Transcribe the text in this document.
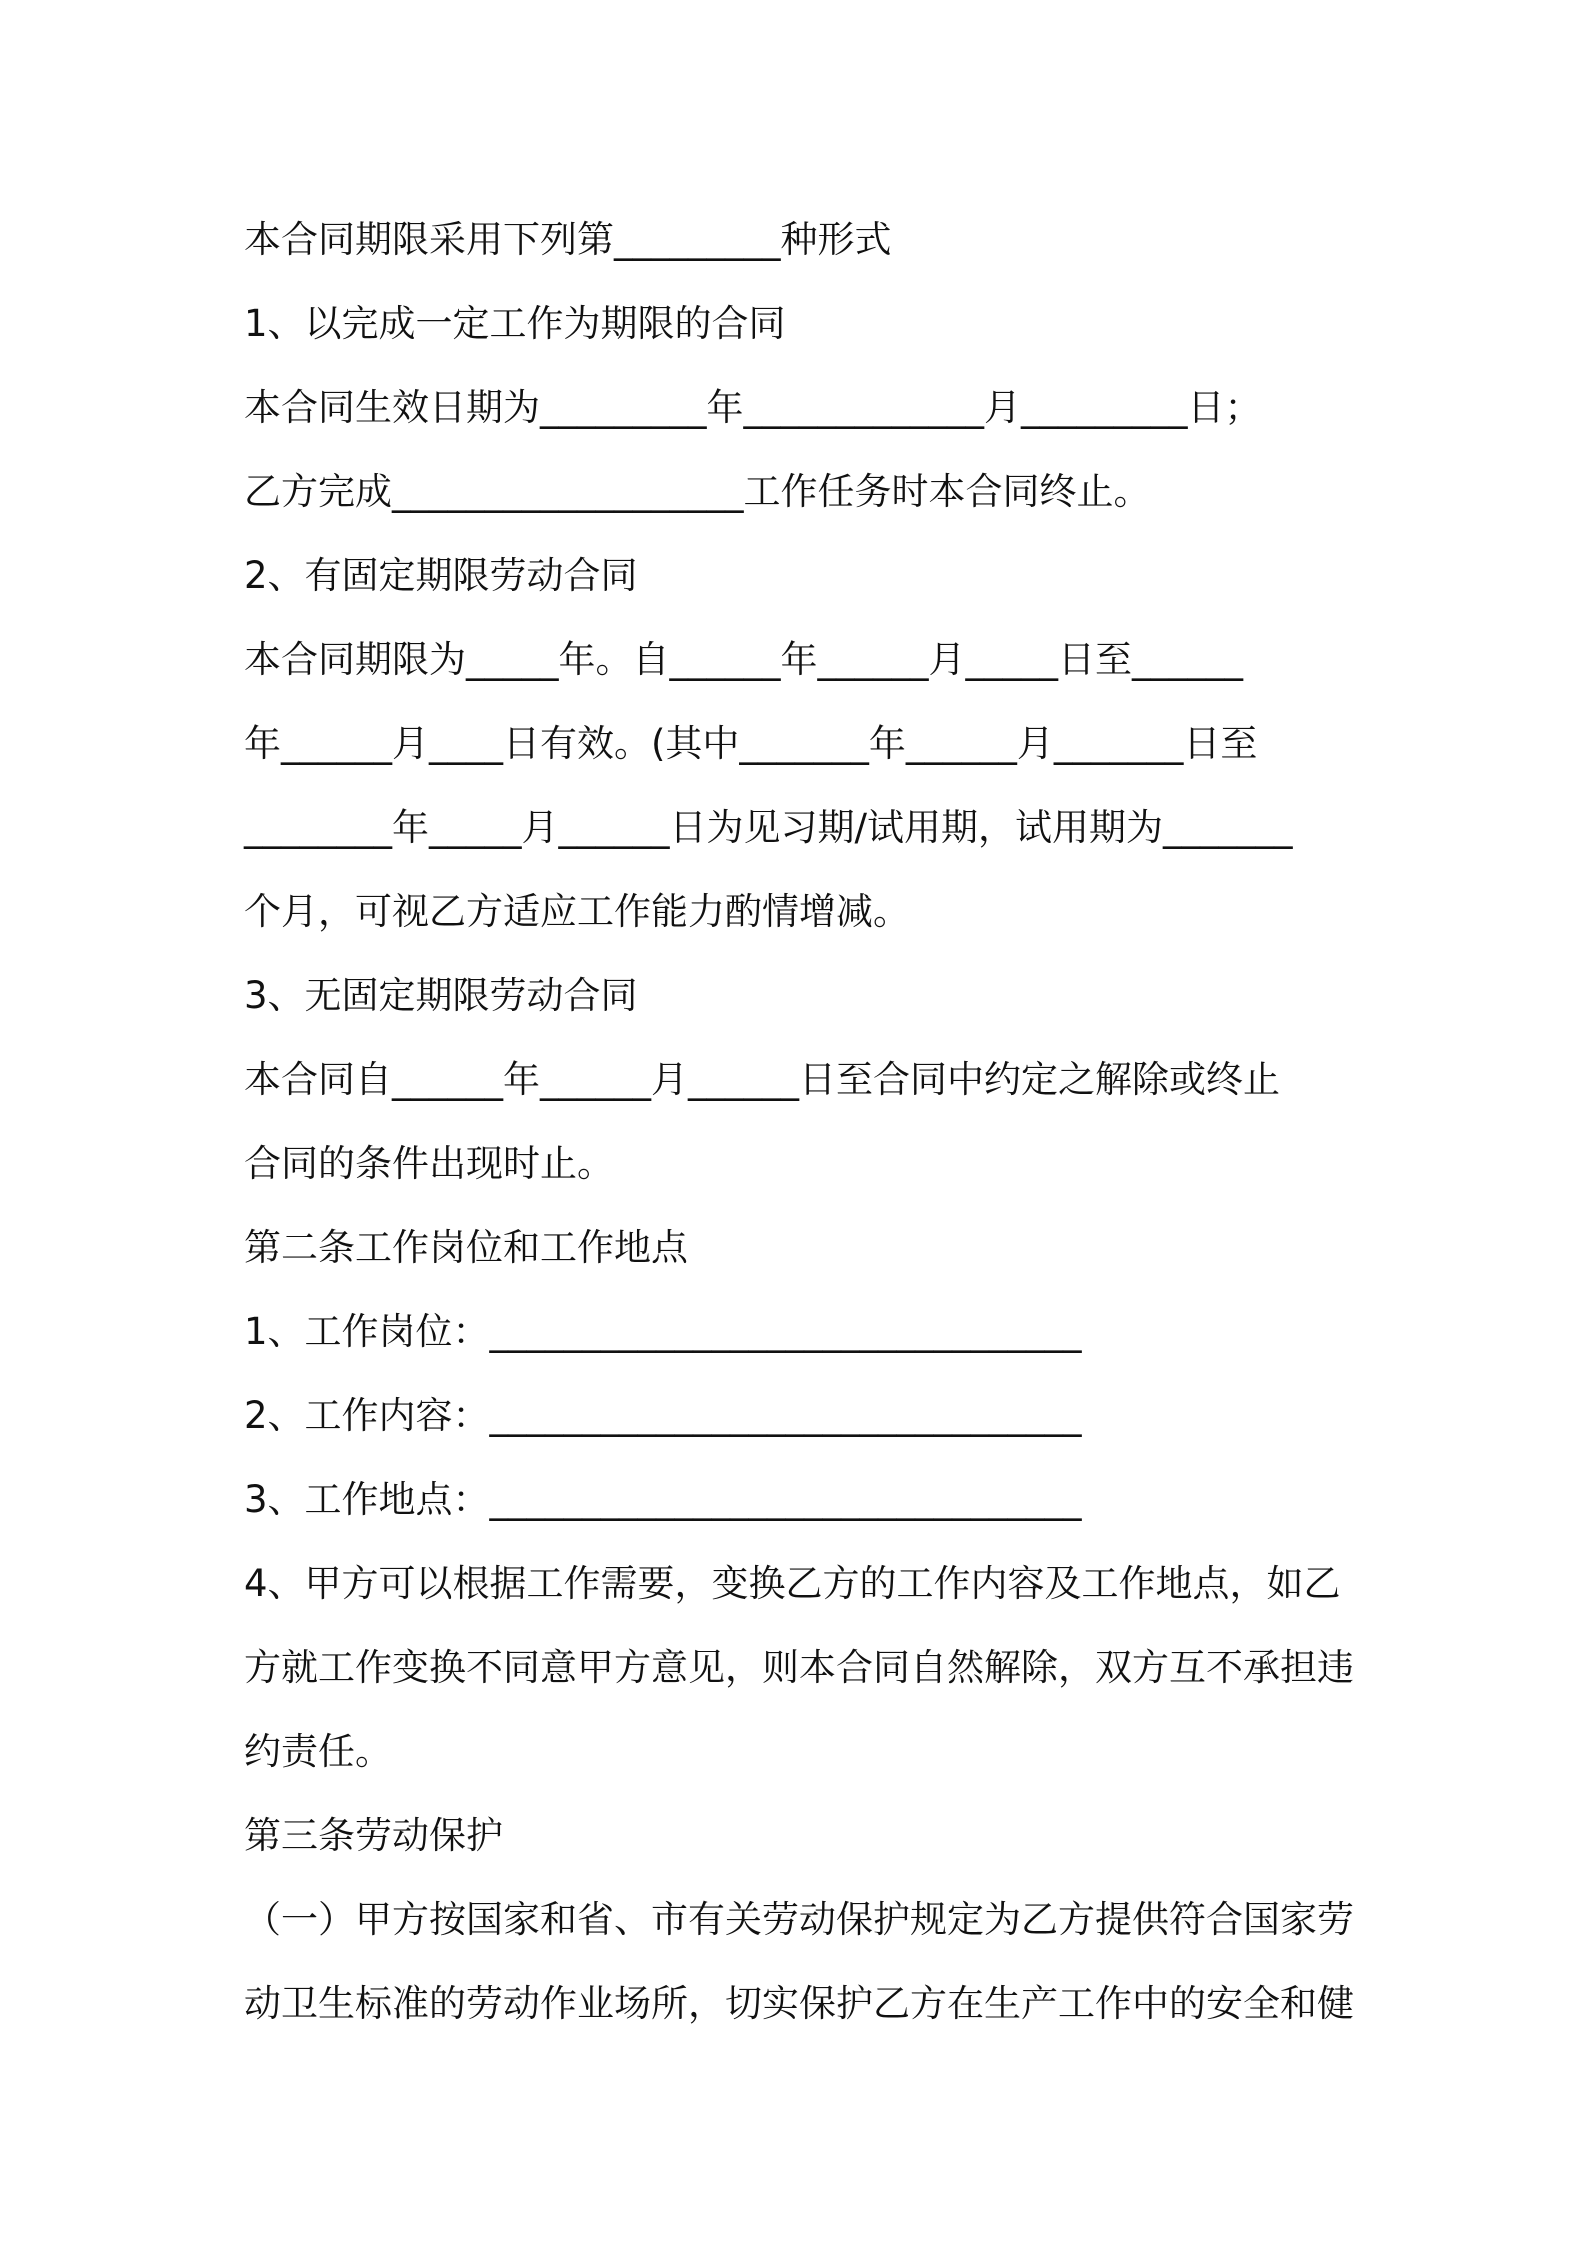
本合同期限采用下列第_________种形式
1、以完成一定工作为期限的合同
本合同生效日期为_________年_____________月_________日；
乙方完成___________________工作任务时本合同终止。
2、有固定期限劳动合同
本合同期限为_____年。自______年______月_____日至______
年______月____日有效。(其中_______年______月_______日至
________年_____月______日为见习期/试用期，试用期为_______
个月，可视乙方适应工作能力酌情增减。
3、无固定期限劳动合同
本合同自______年______月______日至合同中约定之解除或终止
合同的条件出现时止。
第二条工作岗位和工作地点
1、工作岗位：________________________________
2、工作内容：________________________________
3、工作地点：________________________________
4、甲方可以根据工作需要，变换乙方的工作内容及工作地点，如乙
方就工作变换不同意甲方意见，则本合同自然解除，双方互不承担违
约责任。
第三条劳动保护
（一）甲方按国家和省、市有关劳动保护规定为乙方提供符合国家劳
动卫生标准的劳动作业场所，切实保护乙方在生产工作中的安全和健
